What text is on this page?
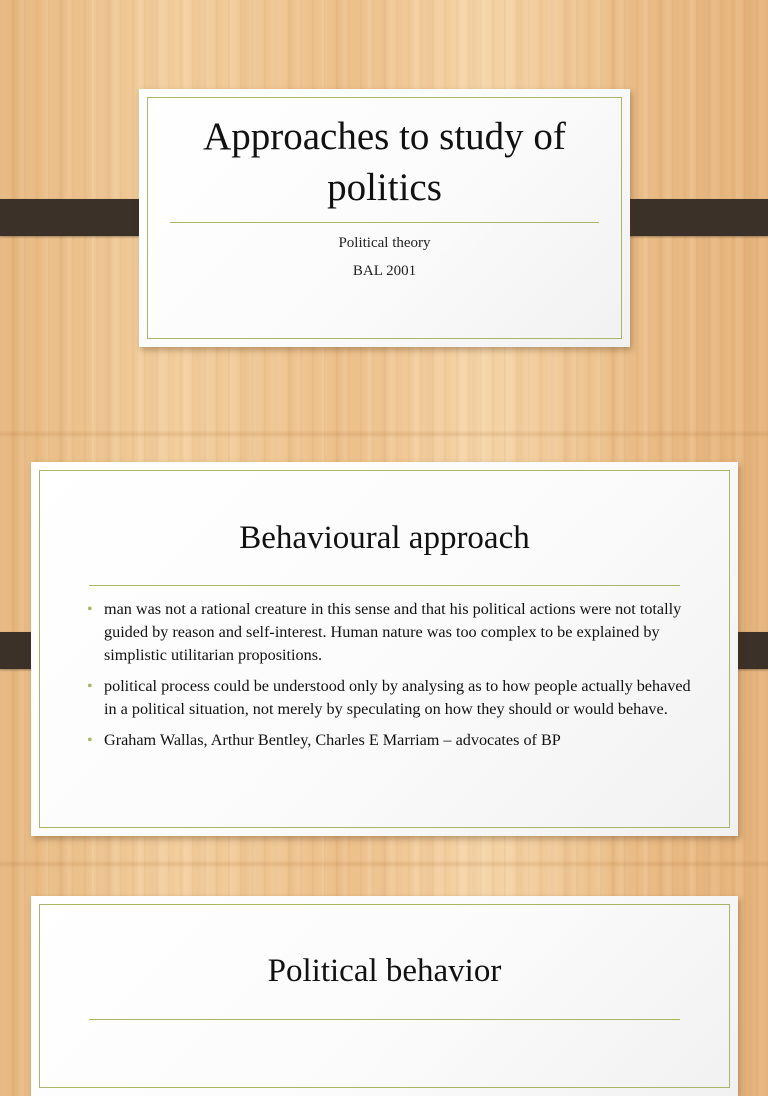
Approaches to study of politics
Political theory
BAL 2001
Behavioural approach
• man was not a rational creature in this sense and that his political actions were not totally guided by reason and self-interest. Human nature was too complex to be explained by simplistic utilitarian propositions.
• political process could be understood only by analysing as to how people actually behaved in a political situation, not merely by speculating on how they should or would behave.
• Graham Wallas, Arthur Bentley, Charles E Marriam – advocates of BP
Political behavior
